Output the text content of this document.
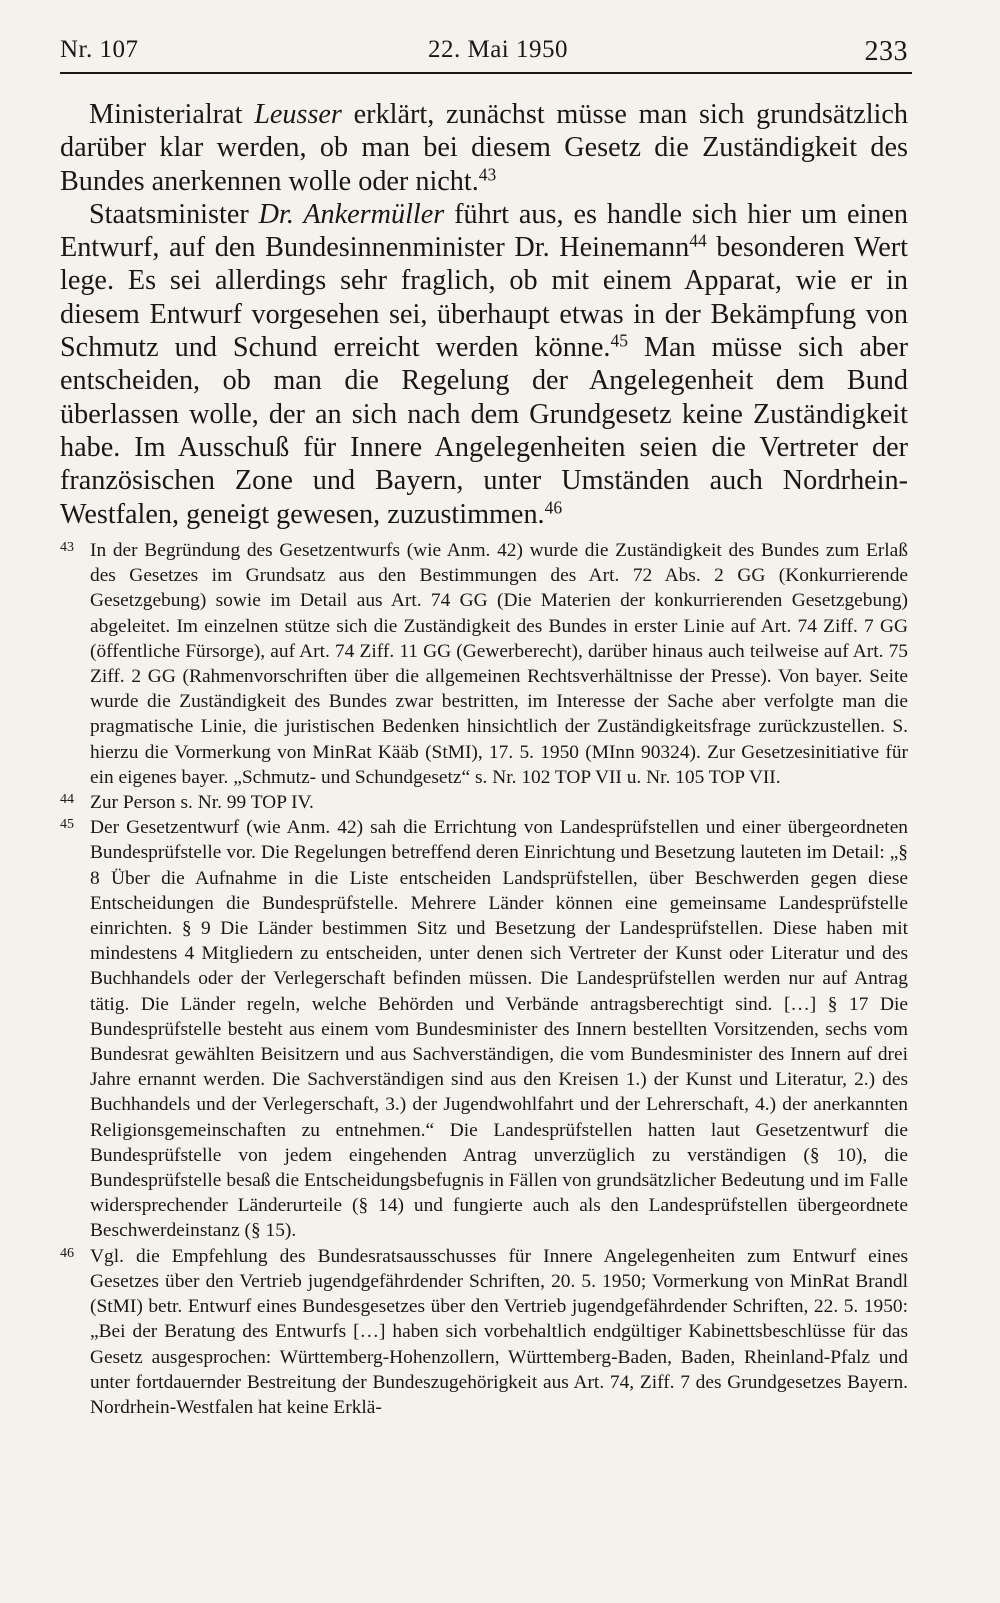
Nr. 107	22. Mai 1950	233

Ministerialrat Leusser erklärt, zunächst müsse man sich grundsätzlich darüber klar werden, ob man bei diesem Gesetz die Zuständigkeit des Bundes anerkennen wolle oder nicht.$^{43}$

Staatsminister Dr. Ankermüller führt aus, es handle sich hier um einen Entwurf, auf den Bundesinnenminister Dr. Heinemann$^{44}$ besonderen Wert lege. Es sei allerdings sehr fraglich, ob mit einem Apparat, wie er in diesem Entwurf vorgesehen sei, überhaupt etwas in der Bekämpfung von Schmutz und Schund erreicht werden könne.$^{45}$ Man müsse sich aber entscheiden, ob man die Regelung der Angelegenheit dem Bund überlassen wolle, der an sich nach dem Grundgesetz keine Zuständigkeit habe. Im Ausschuß für Innere Angelegenheiten seien die Vertreter der französischen Zone und Bayern, unter Umständen auch Nordrhein-Westfalen, geneigt gewesen, zuzustimmen.$^{46}$

43 In der Begründung des Gesetzentwurfs (wie Anm. 42) wurde die Zuständigkeit des Bundes zum Erlaß des Gesetzes im Grundsatz aus den Bestimmungen des Art. 72 Abs. 2 GG (Konkurrierende Gesetzgebung) sowie im Detail aus Art. 74 GG (Die Materien der konkurrierenden Gesetzgebung) abgeleitet. Im einzelnen stütze sich die Zuständigkeit des Bundes in erster Linie auf Art. 74 Ziff. 7 GG (öffentliche Fürsorge), auf Art. 74 Ziff. 11 GG (Gewerberecht), darüber hinaus auch teilweise auf Art. 75 Ziff. 2 GG (Rahmenvorschriften über die allgemeinen Rechtsverhältnisse der Presse). Von bayer. Seite wurde die Zuständigkeit des Bundes zwar bestritten, im Interesse der Sache aber verfolgte man die pragmatische Linie, die juristischen Bedenken hinsichtlich der Zuständigkeitsfrage zurückzustellen. S. hierzu die Vormerkung von MinRat Kääb (StMI), 17. 5. 1950 (MInn 90324). Zur Gesetzesinitiative für ein eigenes bayer. „Schmutz- und Schundgesetz“ s. Nr. 102 TOP VII u. Nr. 105 TOP VII.

44 Zur Person s. Nr. 99 TOP IV.

45 Der Gesetzentwurf (wie Anm. 42) sah die Errichtung von Landesprüfstellen und einer übergeordneten Bundesprüfstelle vor. Die Regelungen betreffend deren Einrichtung und Besetzung lauteten im Detail: „§ 8 Über die Aufnahme in die Liste entscheiden Landsprüfstellen, über Beschwerden gegen diese Entscheidungen die Bundesprüfstelle. Mehrere Länder können eine gemeinsame Landesprüfstelle einrichten. § 9 Die Länder bestimmen Sitz und Besetzung der Landesprüfstellen. Diese haben mit mindestens 4 Mitgliedern zu entscheiden, unter denen sich Vertreter der Kunst oder Literatur und des Buchhandels oder der Verlegerschaft befinden müssen. Die Landesprüfstellen werden nur auf Antrag tätig. Die Länder regeln, welche Behörden und Verbände antragsberechtigt sind. […] § 17 Die Bundesprüfstelle besteht aus einem vom Bundesminister des Innern bestellten Vorsitzenden, sechs vom Bundesrat gewählten Beisitzern und aus Sachverständigen, die vom Bundesminister des Innern auf drei Jahre ernannt werden. Die Sachverständigen sind aus den Kreisen 1.) der Kunst und Literatur, 2.) des Buchhandels und der Verlegerschaft, 3.) der Jugendwohlfahrt und der Lehrerschaft, 4.) der anerkannten Religionsgemeinschaften zu entnehmen.“ Die Landesprüfstellen hatten laut Gesetzentwurf die Bundesprüfstelle von jedem eingehenden Antrag unverzüglich zu verständigen (§ 10), die Bundesprüfstelle besaß die Entscheidungsbefugnis in Fällen von grundsätzlicher Bedeutung und im Falle widersprechender Länderurteile (§ 14) und fungierte auch als den Landesprüfstellen übergeordnete Beschwerdeinstanz (§ 15).

46 Vgl. die Empfehlung des Bundesratsausschusses für Innere Angelegenheiten zum Entwurf eines Gesetzes über den Vertrieb jugendgefährdender Schriften, 20. 5. 1950; Vormerkung von MinRat Brandl (StMI) betr. Entwurf eines Bundesgesetzes über den Vertrieb jugendgefährdender Schriften, 22. 5. 1950: „Bei der Beratung des Entwurfs […] haben sich vorbehaltlich endgültiger Kabinettsbeschlüsse für das Gesetz ausgesprochen: Württemberg-Hohenzollern, Württemberg-Baden, Baden, Rheinland-Pfalz und unter fortdauernder Bestreitung der Bundeszugehörigkeit aus Art. 74, Ziff. 7 des Grundgesetzes Bayern. Nordrhein-Westfalen hat keine Erklä-
